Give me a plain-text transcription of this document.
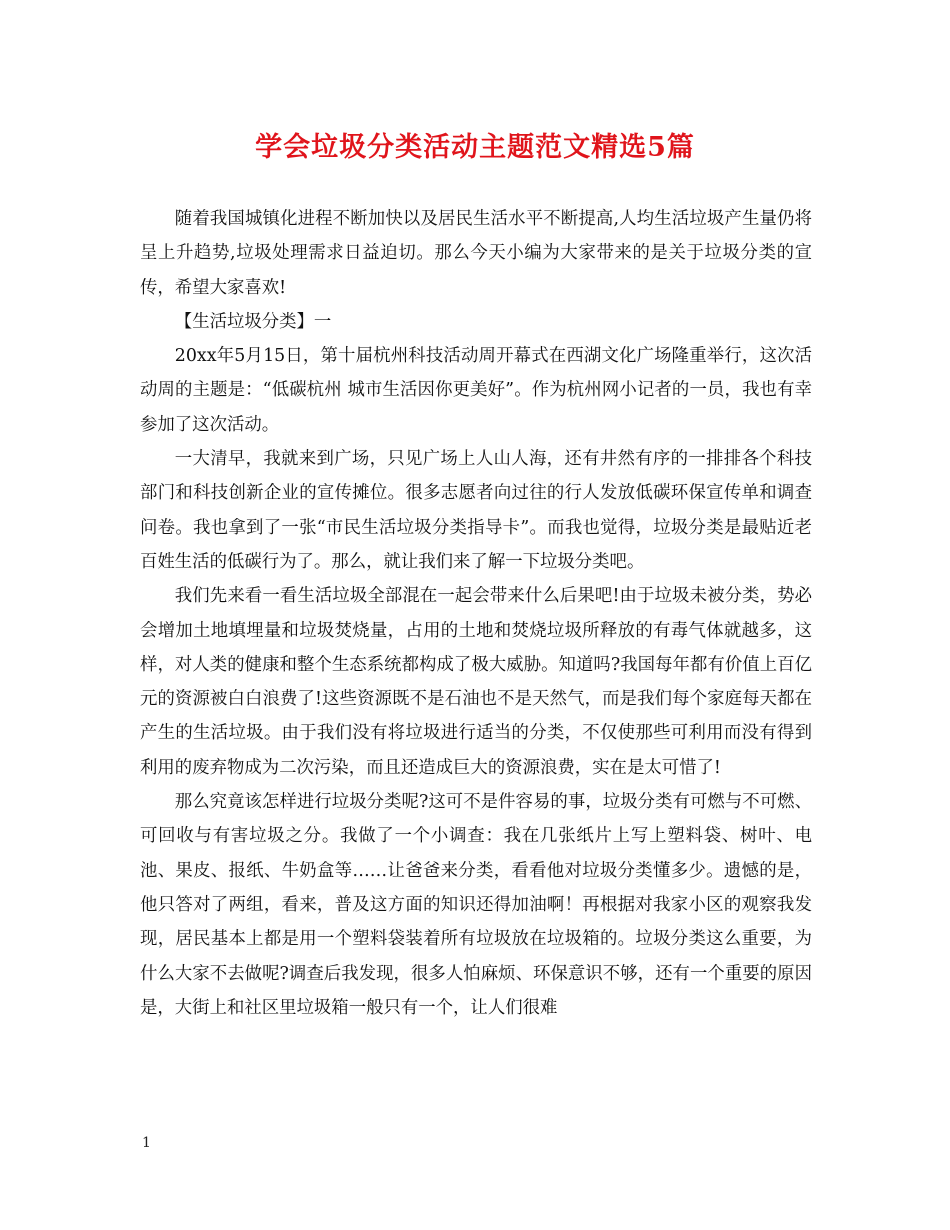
学会垃圾分类活动主题范文精选5篇

随着我国城镇化进程不断加快以及居民生活水平不断提高,人均生活垃圾产生量仍将呈上升趋势,垃圾处理需求日益迫切。那么今天小编为大家带来的是关于垃圾分类的宣传，希望大家喜欢!

【生活垃圾分类】一

20xx年5月15日，第十届杭州科技活动周开幕式在西湖文化广场隆重举行，这次活动周的主题是：“低碳杭州 城市生活因你更美好”。作为杭州网小记者的一员，我也有幸参加了这次活动。

一大清早，我就来到广场，只见广场上人山人海，还有井然有序的一排排各个科技部门和科技创新企业的宣传摊位。很多志愿者向过往的行人发放低碳环保宣传单和调查问卷。我也拿到了一张“市民生活垃圾分类指导卡”。而我也觉得，垃圾分类是最贴近老百姓生活的低碳行为了。那么，就让我们来了解一下垃圾分类吧。

我们先来看一看生活垃圾全部混在一起会带来什么后果吧!由于垃圾未被分类，势必会增加土地填埋量和垃圾焚烧量，占用的土地和焚烧垃圾所释放的有毒气体就越多，这样，对人类的健康和整个生态系统都构成了极大威胁。知道吗?我国每年都有价值上百亿元的资源被白白浪费了!这些资源既不是石油也不是天然气，而是我们每个家庭每天都在产生的生活垃圾。由于我们没有将垃圾进行适当的分类，不仅使那些可利用而没有得到利用的废弃物成为二次污染，而且还造成巨大的资源浪费，实在是太可惜了!

那么究竟该怎样进行垃圾分类呢?这可不是件容易的事，垃圾分类有可燃与不可燃、可回收与有害垃圾之分。我做了一个小调查：我在几张纸片上写上塑料袋、树叶、电池、果皮、报纸、牛奶盒等……让爸爸来分类，看看他对垃圾分类懂多少。遗憾的是，他只答对了两组，看来，普及这方面的知识还得加油啊！再根据对我家小区的观察我发现，居民基本上都是用一个塑料袋装着所有垃圾放在垃圾箱的。垃圾分类这么重要，为什么大家不去做呢?调查后我发现，很多人怕麻烦、环保意识不够，还有一个重要的原因是，大街上和社区里垃圾箱一般只有一个，让人们很难

1
